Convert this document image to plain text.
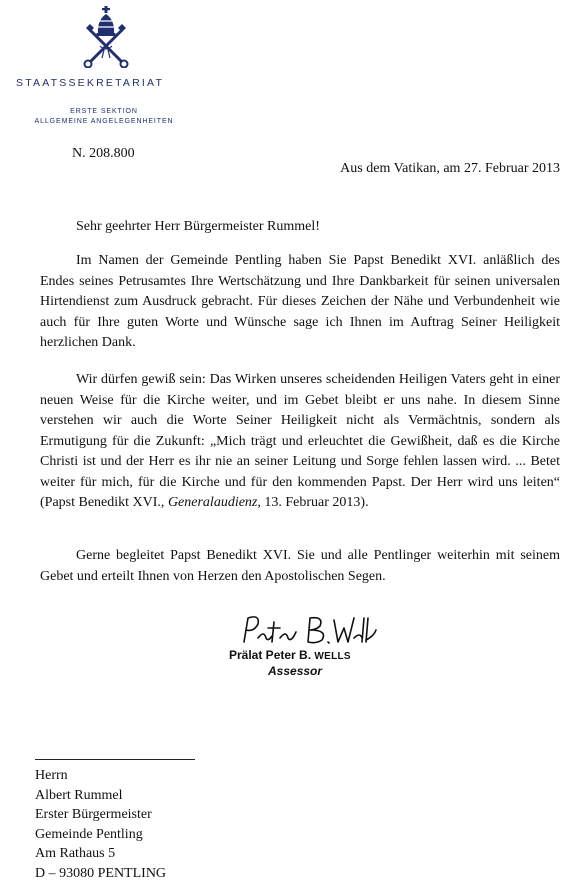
STAATSSEKRETARIAT
ERSTE SEKTION
ALLGEMEINE ANGELEGENHEITEN
N. 208.800
Aus dem Vatikan, am 27. Februar 2013
Sehr geehrter Herr Bürgermeister Rummel!

Im Namen der Gemeinde Pentling haben Sie Papst Benedikt XVI. anläßlich des Endes seines Petrusamtes Ihre Wertschätzung und Ihre Dankbarkeit für seinen universalen Hirtendienst zum Ausdruck gebracht. Für dieses Zeichen der Nähe und Verbundenheit wie auch für Ihre guten Worte und Wünsche sage ich Ihnen im Auftrag Seiner Heiligkeit herzlichen Dank.

Wir dürfen gewiß sein: Das Wirken unseres scheidenden Heiligen Vaters geht in einer neuen Weise für die Kirche weiter, und im Gebet bleibt er uns nahe. In diesem Sinne verstehen wir auch die Worte Seiner Heiligkeit nicht als Vermächtnis, sondern als Ermutigung für die Zukunft: „Mich trägt und erleuchtet die Gewißheit, daß es die Kirche Christi ist und der Herr es ihr nie an seiner Leitung und Sorge fehlen lassen wird. ... Betet weiter für mich, für die Kirche und für den kommenden Papst. Der Herr wird uns leiten“ (Papst Benedikt XVI., Generalaudienz, 13. Februar 2013).

Gerne begleitet Papst Benedikt XVI. Sie und alle Pentlinger weiterhin mit seinem Gebet und erteilt Ihnen von Herzen den Apostolischen Segen.

Prälat Peter B. WELLS
Assessor
Herrn
Albert Rummel
Erster Bürgermeister
Gemeinde Pentling
Am Rathaus 5
D – 93080 PENTLING
